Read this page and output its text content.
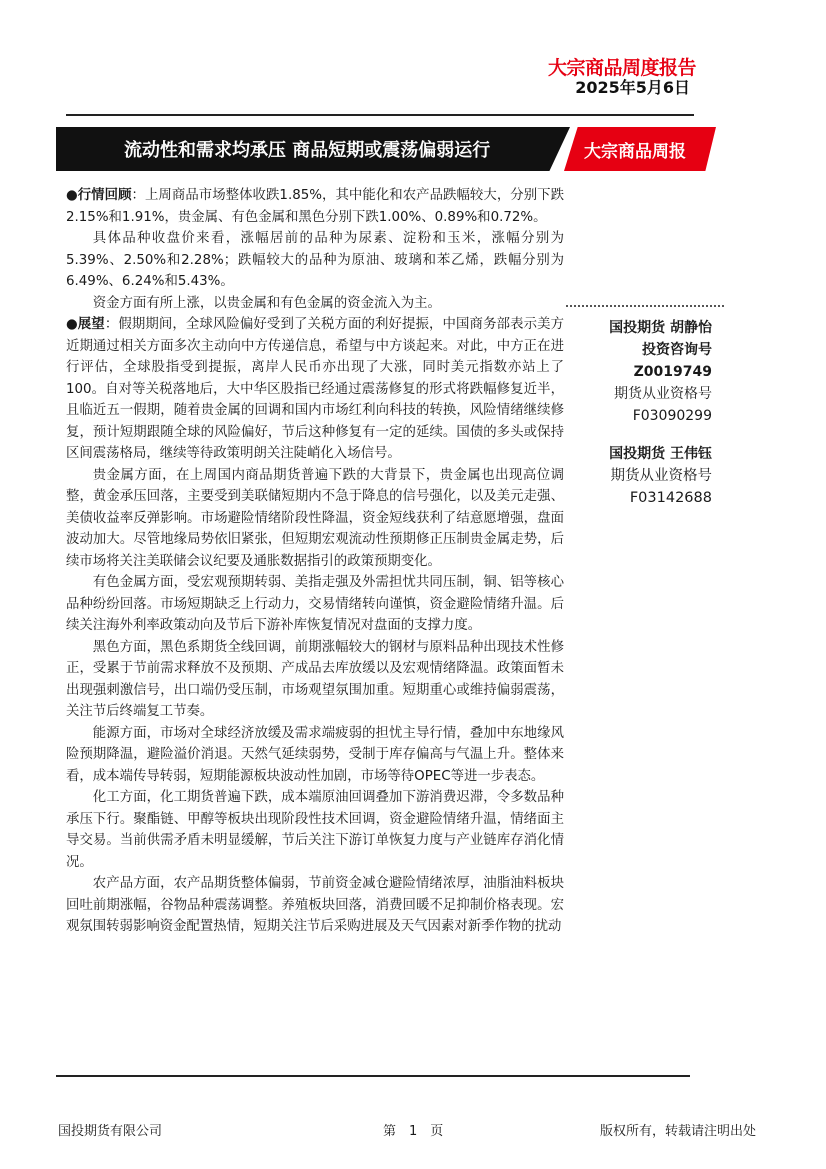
大宗商品周度报告
2025年5月6日
流动性和需求均承压 商品短期或震荡偏弱运行	大宗商品周报

●行情回顾：上周商品市场整体收跌1.85%，其中能化和农产品跌幅较大，分别下跌2.15%和1.91%，贵金属、有色金属和黑色分别下跌1.00%、0.89%和0.72%。

具体品种收盘价来看，涨幅居前的品种为尿素、淀粉和玉米，涨幅分别为5.39%、2.50%和2.28%；跌幅较大的品种为原油、玻璃和苯乙烯，跌幅分别为6.49%、6.24%和5.43%。

资金方面有所上涨，以贵金属和有色金属的资金流入为主。

●展望：假期期间，全球风险偏好受到了关税方面的利好提振，中国商务部表示美方近期通过相关方面多次主动向中方传递信息，希望与中方谈起来。对此，中方正在进行评估，全球股指受到提振，离岸人民币亦出现了大涨，同时美元指数亦站上了100。自对等关税落地后，大中华区股指已经通过震荡修复的形式将跌幅修复近半，且临近五一假期，随着贵金属的回调和国内市场红利向科技的转换，风险情绪继续修复，预计短期跟随全球的风险偏好，节后这种修复有一定的延续。国债的多头或保持区间震荡格局，继续等待政策明朗关注陡峭化入场信号。

贵金属方面，在上周国内商品期货普遍下跌的大背景下，贵金属也出现高位调整，黄金承压回落，主要受到美联储短期内不急于降息的信号强化，以及美元走强、美债收益率反弹影响。市场避险情绪阶段性降温，资金短线获利了结意愿增强，盘面波动加大。尽管地缘局势依旧紧张，但短期宏观流动性预期修正压制贵金属走势，后续市场将关注美联储会议纪要及通胀数据指引的政策预期变化。

有色金属方面，受宏观预期转弱、美指走强及外需担忧共同压制，铜、铝等核心品种纷纷回落。市场短期缺乏上行动力，交易情绪转向谨慎，资金避险情绪升温。后续关注海外利率政策动向及节后下游补库恢复情况对盘面的支撑力度。

黑色方面，黑色系期货全线回调，前期涨幅较大的钢材与原料品种出现技术性修正，受累于节前需求释放不及预期、产成品去库放缓以及宏观情绪降温。政策面暂未出现强刺激信号，出口端仍受压制，市场观望氛围加重。短期重心或维持偏弱震荡，关注节后终端复工节奏。

能源方面，市场对全球经济放缓及需求端疲弱的担忧主导行情，叠加中东地缘风险预期降温，避险溢价消退。天然气延续弱势，受制于库存偏高与气温上升。整体来看，成本端传导转弱，短期能源板块波动性加剧，市场等待OPEC等进一步表态。

化工方面，化工期货普遍下跌，成本端原油回调叠加下游消费迟滞，令多数品种承压下行。聚酯链、甲醇等板块出现阶段性技术回调，资金避险情绪升温，情绪面主导交易。当前供需矛盾未明显缓解，节后关注下游订单恢复力度与产业链库存消化情况。

农产品方面，农产品期货整体偏弱，节前资金减仓避险情绪浓厚，油脂油料板块回吐前期涨幅，谷物品种震荡调整。养殖板块回落，消费回暖不足抑制价格表现。宏观氛围转弱影响资金配置热情，短期关注节后采购进展及天气因素对新季作物的扰动

国投期货 胡静怡
投资咨询号
Z0019749
期货从业资格号
F03090299
国投期货 王伟钰
期货从业资格号
F03142688
国投期货有限公司	第　1　页	版权所有，转载请注明出处
